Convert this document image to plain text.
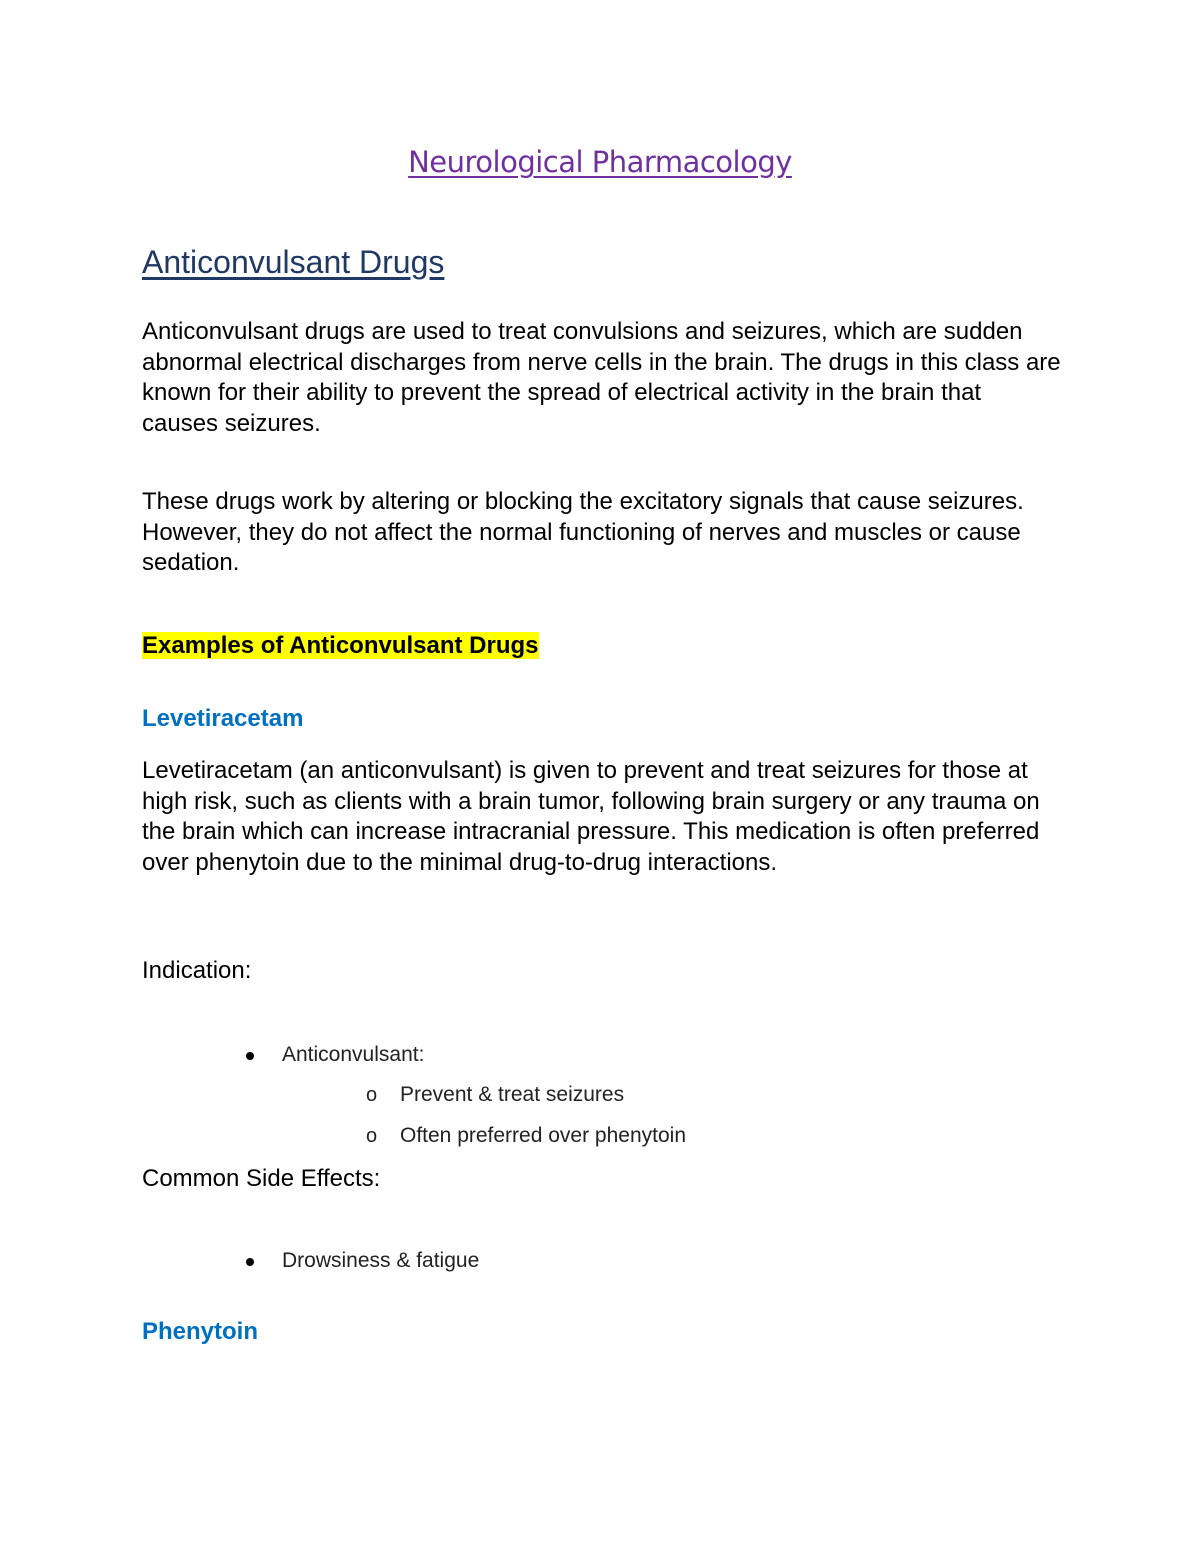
Neurological Pharmacology
Anticonvulsant Drugs

Anticonvulsant drugs are used to treat convulsions and seizures, which are sudden abnormal electrical discharges from nerve cells in the brain. The drugs in this class are known for their ability to prevent the spread of electrical activity in the brain that causes seizures.

These drugs work by altering or blocking the excitatory signals that cause seizures. However, they do not affect the normal functioning of nerves and muscles or cause sedation.

Examples of Anticonvulsant Drugs

Levetiracetam

Levetiracetam (an anticonvulsant) is given to prevent and treat seizures for those at high risk, such as clients with a brain tumor, following brain surgery or any trauma on the brain which can increase intracranial pressure. This medication is often preferred over phenytoin due to the minimal drug-to-drug interactions.

Indication:

Anticonvulsant:
o Prevent & treat seizures
o Often preferred over phenytoin

Common Side Effects:

Drowsiness & fatigue

Phenytoin
